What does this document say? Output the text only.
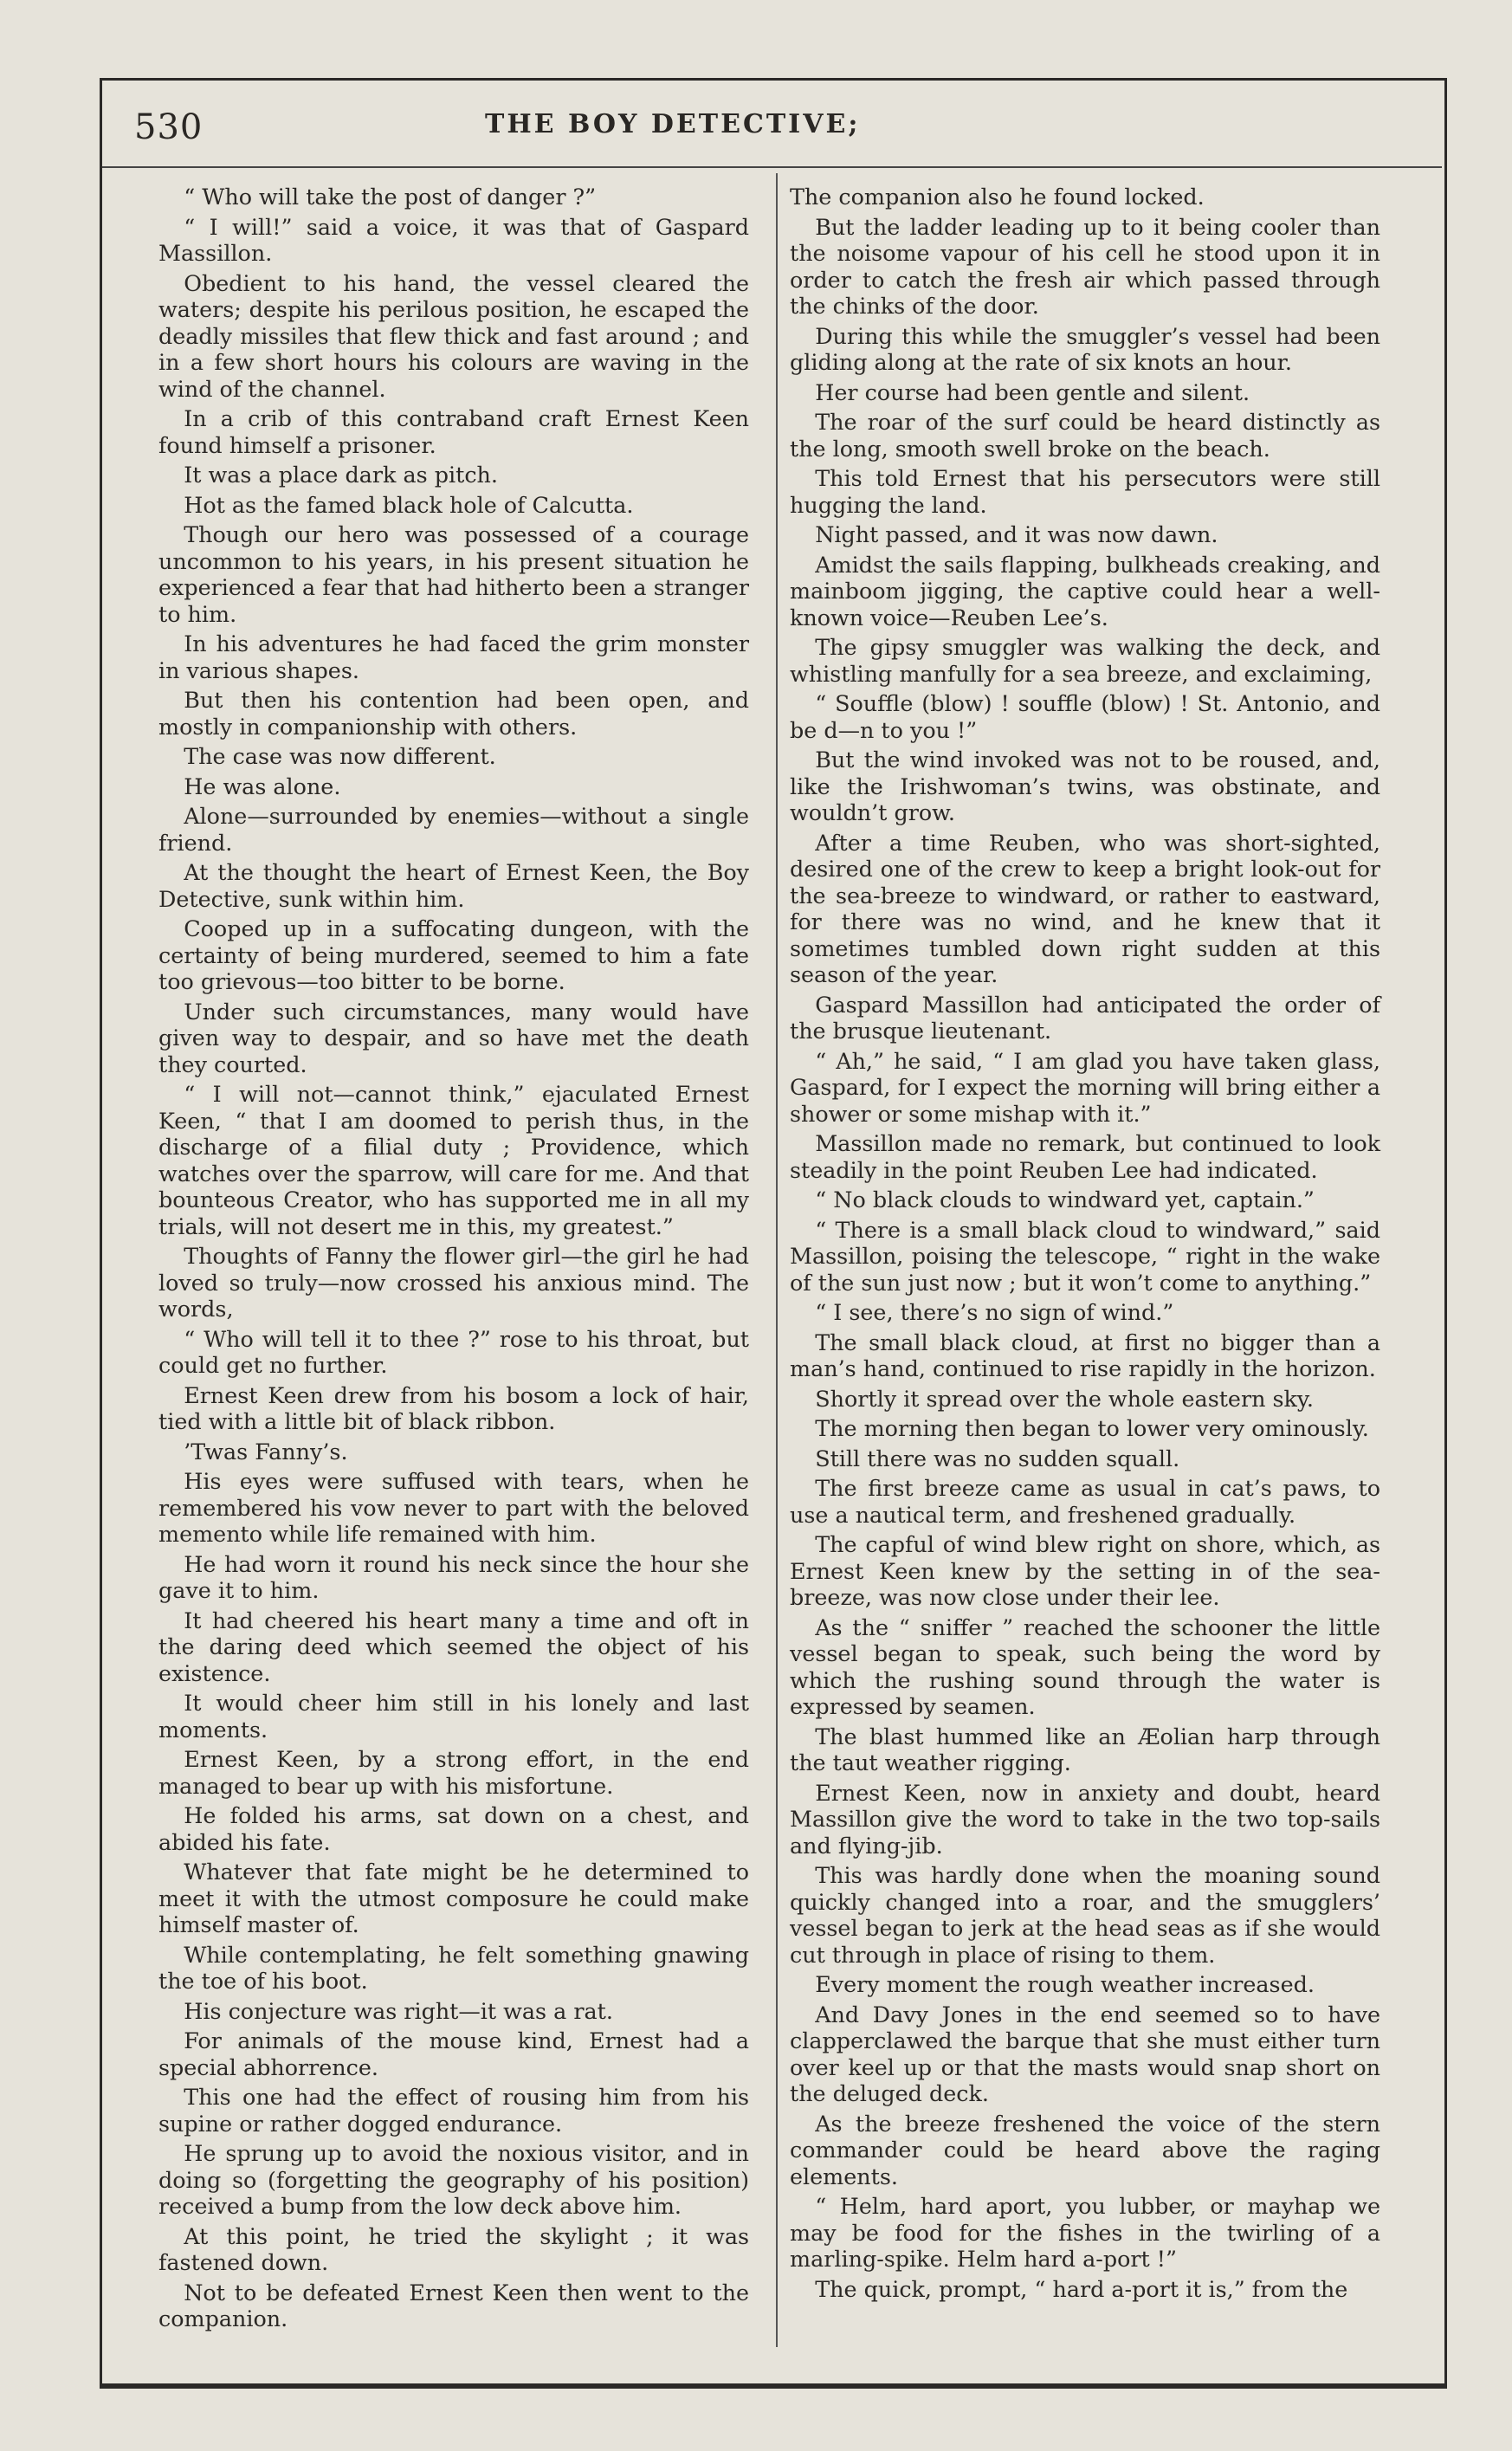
530	THE BOY DETECTIVE;

“ Who will take the post of danger ?”

“ I will!” said a voice, it was that of Gaspard Massillon.

Obedient to his hand, the vessel cleared the waters; despite his perilous position, he escaped the deadly missiles that flew thick and fast around ; and in a few short hours his colours are waving in the wind of the channel.

In a crib of this contraband craft Ernest Keen found himself a prisoner.

It was a place dark as pitch.

Hot as the famed black hole of Calcutta.

Though our hero was possessed of a courage uncommon to his years, in his present situation he experienced a fear that had hitherto been a stranger to him.

In his adventures he had faced the grim monster in various shapes.

But then his contention had been open, and mostly in companionship with others.

The case was now different.

He was alone.

Alone—surrounded by enemies—without a single friend.

At the thought the heart of Ernest Keen, the Boy Detective, sunk within him.

Cooped up in a suffocating dungeon, with the certainty of being murdered, seemed to him a fate too grievous—too bitter to be borne.

Under such circumstances, many would have given way to despair, and so have met the death they courted.

“ I will not—cannot think,” ejaculated Ernest Keen, “ that I am doomed to perish thus, in the discharge of a filial duty ; Providence, which watches over the sparrow, will care for me. And that bounteous Creator, who has supported me in all my trials, will not desert me in this, my greatest.”

Thoughts of Fanny the flower girl—the girl he had loved so truly—now crossed his anxious mind. The words,

“ Who will tell it to thee ?” rose to his throat, but could get no further.

Ernest Keen drew from his bosom a lock of hair, tied with a little bit of black ribbon.

’Twas Fanny’s.

His eyes were suffused with tears, when he remembered his vow never to part with the beloved memento while life remained with him.

He had worn it round his neck since the hour she gave it to him.

It had cheered his heart many a time and oft in the daring deed which seemed the object of his existence.

It would cheer him still in his lonely and last moments.

Ernest Keen, by a strong effort, in the end managed to bear up with his misfortune.

He folded his arms, sat down on a chest, and abided his fate.

Whatever that fate might be he determined to meet it with the utmost composure he could make himself master of.

While contemplating, he felt something gnawing the toe of his boot.

His conjecture was right—it was a rat.

For animals of the mouse kind, Ernest had a special abhorrence.

This one had the effect of rousing him from his supine or rather dogged endurance.

He sprung up to avoid the noxious visitor, and in doing so (forgetting the geography of his position) received a bump from the low deck above him.

At this point, he tried the skylight ; it was fastened down.

Not to be defeated Ernest Keen then went to the companion.

The companion also he found locked.

But the ladder leading up to it being cooler than the noisome vapour of his cell he stood upon it in order to catch the fresh air which passed through the chinks of the door.

During this while the smuggler’s vessel had been gliding along at the rate of six knots an hour.

Her course had been gentle and silent.

The roar of the surf could be heard distinctly as the long, smooth swell broke on the beach.

This told Ernest that his persecutors were still hugging the land.

Night passed, and it was now dawn.

Amidst the sails flapping, bulkheads creaking, and mainboom jigging, the captive could hear a well-known voice—Reuben Lee’s.

The gipsy smuggler was walking the deck, and whistling manfully for a sea breeze, and exclaiming,

“ Souffle (blow) ! souffle (blow) ! St. Antonio, and be d—n to you !”

But the wind invoked was not to be roused, and, like the Irishwoman’s twins, was obstinate, and wouldn’t grow.

After a time Reuben, who was short-sighted, desired one of the crew to keep a bright look-out for the sea-breeze to windward, or rather to eastward, for there was no wind, and he knew that it sometimes tumbled down right sudden at this season of the year.

Gaspard Massillon had anticipated the order of the brusque lieutenant.

“ Ah,” he said, “ I am glad you have taken glass, Gaspard, for I expect the morning will bring either a shower or some mishap with it.”

Massillon made no remark, but continued to look steadily in the point Reuben Lee had indicated.

“ No black clouds to windward yet, captain.”

“ There is a small black cloud to windward,” said Massillon, poising the telescope, “ right in the wake of the sun just now ; but it won’t come to anything.”

“ I see, there’s no sign of wind.”

The small black cloud, at first no bigger than a man’s hand, continued to rise rapidly in the horizon.

Shortly it spread over the whole eastern sky.

The morning then began to lower very ominously.

Still there was no sudden squall.

The first breeze came as usual in cat’s paws, to use a nautical term, and freshened gradually.

The capful of wind blew right on shore, which, as Ernest Keen knew by the setting in of the sea-breeze, was now close under their lee.

As the “ sniffer ” reached the schooner the little vessel began to speak, such being the word by which the rushing sound through the water is expressed by seamen.

The blast hummed like an Æolian harp through the taut weather rigging.

Ernest Keen, now in anxiety and doubt, heard Massillon give the word to take in the two top-sails and flying-jib.

This was hardly done when the moaning sound quickly changed into a roar, and the smugglers’ vessel began to jerk at the head seas as if she would cut through in place of rising to them.

Every moment the rough weather increased.

And Davy Jones in the end seemed so to have clapperclawed the barque that she must either turn over keel up or that the masts would snap short on the deluged deck.

As the breeze freshened the voice of the stern commander could be heard above the raging elements.

“ Helm, hard aport, you lubber, or mayhap we may be food for the fishes in the twirling of a marling-spike. Helm hard a-port !”

The quick, prompt, “ hard a-port it is,” from the
